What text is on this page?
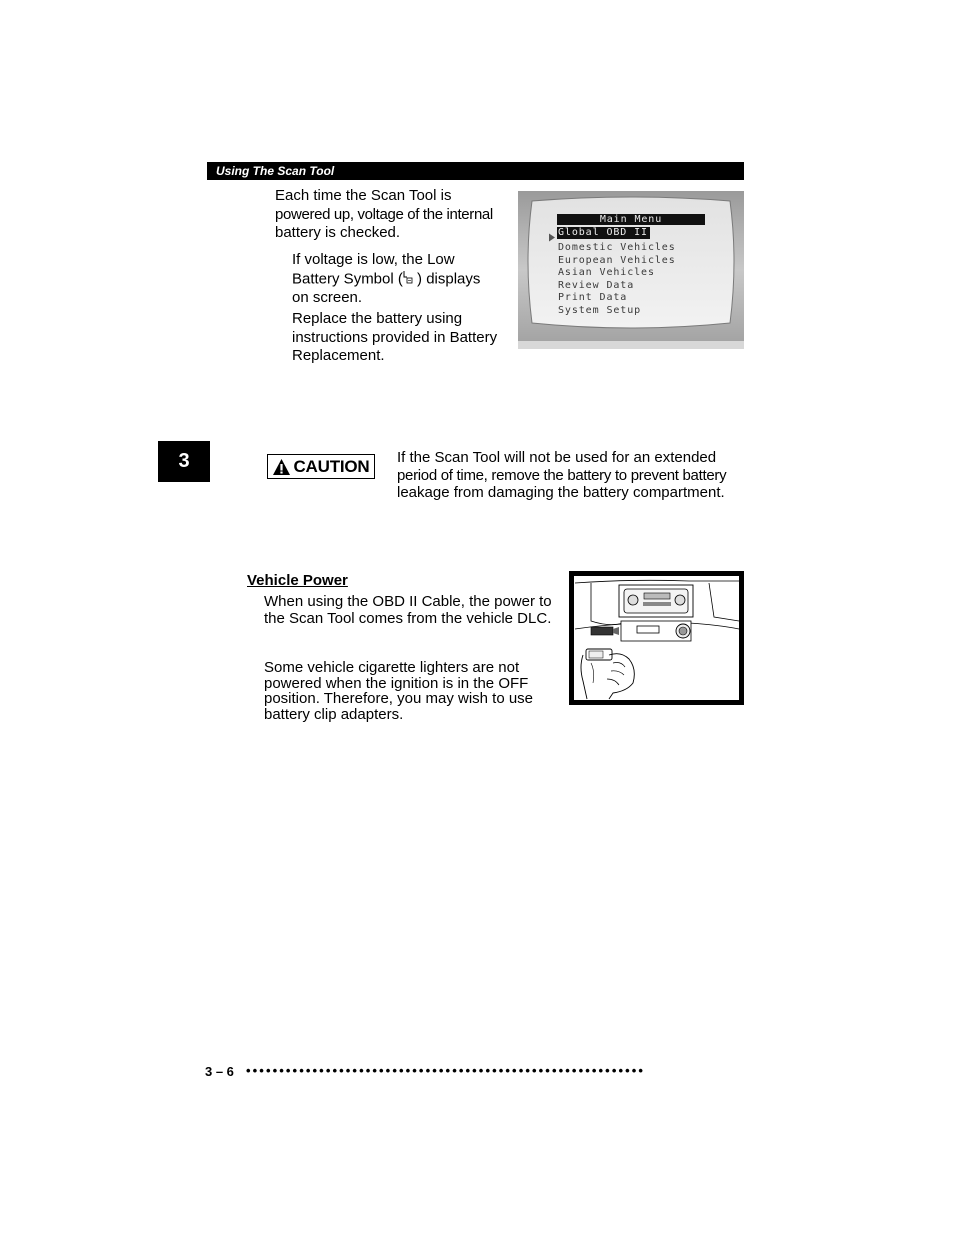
Using The Scan Tool
Each time the Scan Tool is
powered up, voltage of the internal
battery is checked.
If voltage is low, the Low
Battery Symbol ( ) displays
on screen.
Replace the battery using
instructions provided in Battery
Replacement.
Main Menu
Global OBD II
Domestic Vehicles
European Vehicles
Asian Vehicles
Review Data
Print Data
System Setup
3	CAUTION If the Scan Tool will not be used for an extended
period of time, remove the battery to prevent battery
leakage from damaging the battery compartment.
Vehicle Power
When using the OBD II Cable, the power to
the Scan Tool comes from the vehicle DLC.
Some vehicle cigarette lighters are not
powered when the ignition is in the OFF
position. Therefore, you may wish to use
battery clip adapters.
3 – 6 ••••••••••••••••••••••••••••••••••••••••••••••••••••••••••••
